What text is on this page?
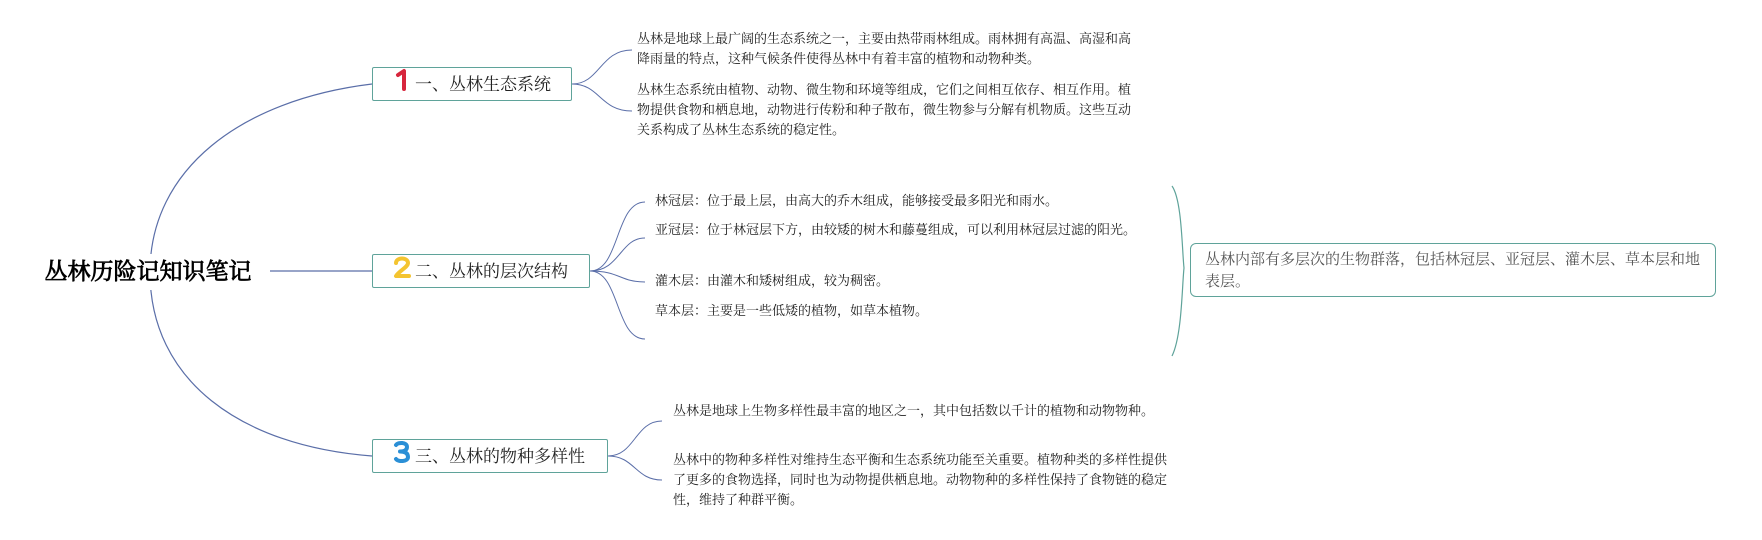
丛林历险记知识笔记
一、丛林生态系统
丛林是地球上最广阔的生态系统之一，主要由热带雨林组成。雨林拥有高温、高湿和高降雨量的特点，这种气候条件使得丛林中有着丰富的植物和动物种类。
丛林生态系统由植物、动物、微生物和环境等组成，它们之间相互依存、相互作用。植物提供食物和栖息地，动物进行传粉和种子散布，微生物参与分解有机物质。这些互动关系构成了丛林生态系统的稳定性。
二、丛林的层次结构
林冠层：位于最上层，由高大的乔木组成，能够接受最多阳光和雨水。
亚冠层：位于林冠层下方，由较矮的树木和藤蔓组成，可以利用林冠层过滤的阳光。
灌木层：由灌木和矮树组成，较为稠密。
草本层：主要是一些低矮的植物，如草本植物。
丛林内部有多层次的生物群落，包括林冠层、亚冠层、灌木层、草本层和地表层。
三、丛林的物种多样性
丛林是地球上生物多样性最丰富的地区之一，其中包括数以千计的植物和动物物种。
丛林中的物种多样性对维持生态平衡和生态系统功能至关重要。植物种类的多样性提供了更多的食物选择，同时也为动物提供栖息地。动物物种的多样性保持了食物链的稳定性，维持了种群平衡。
